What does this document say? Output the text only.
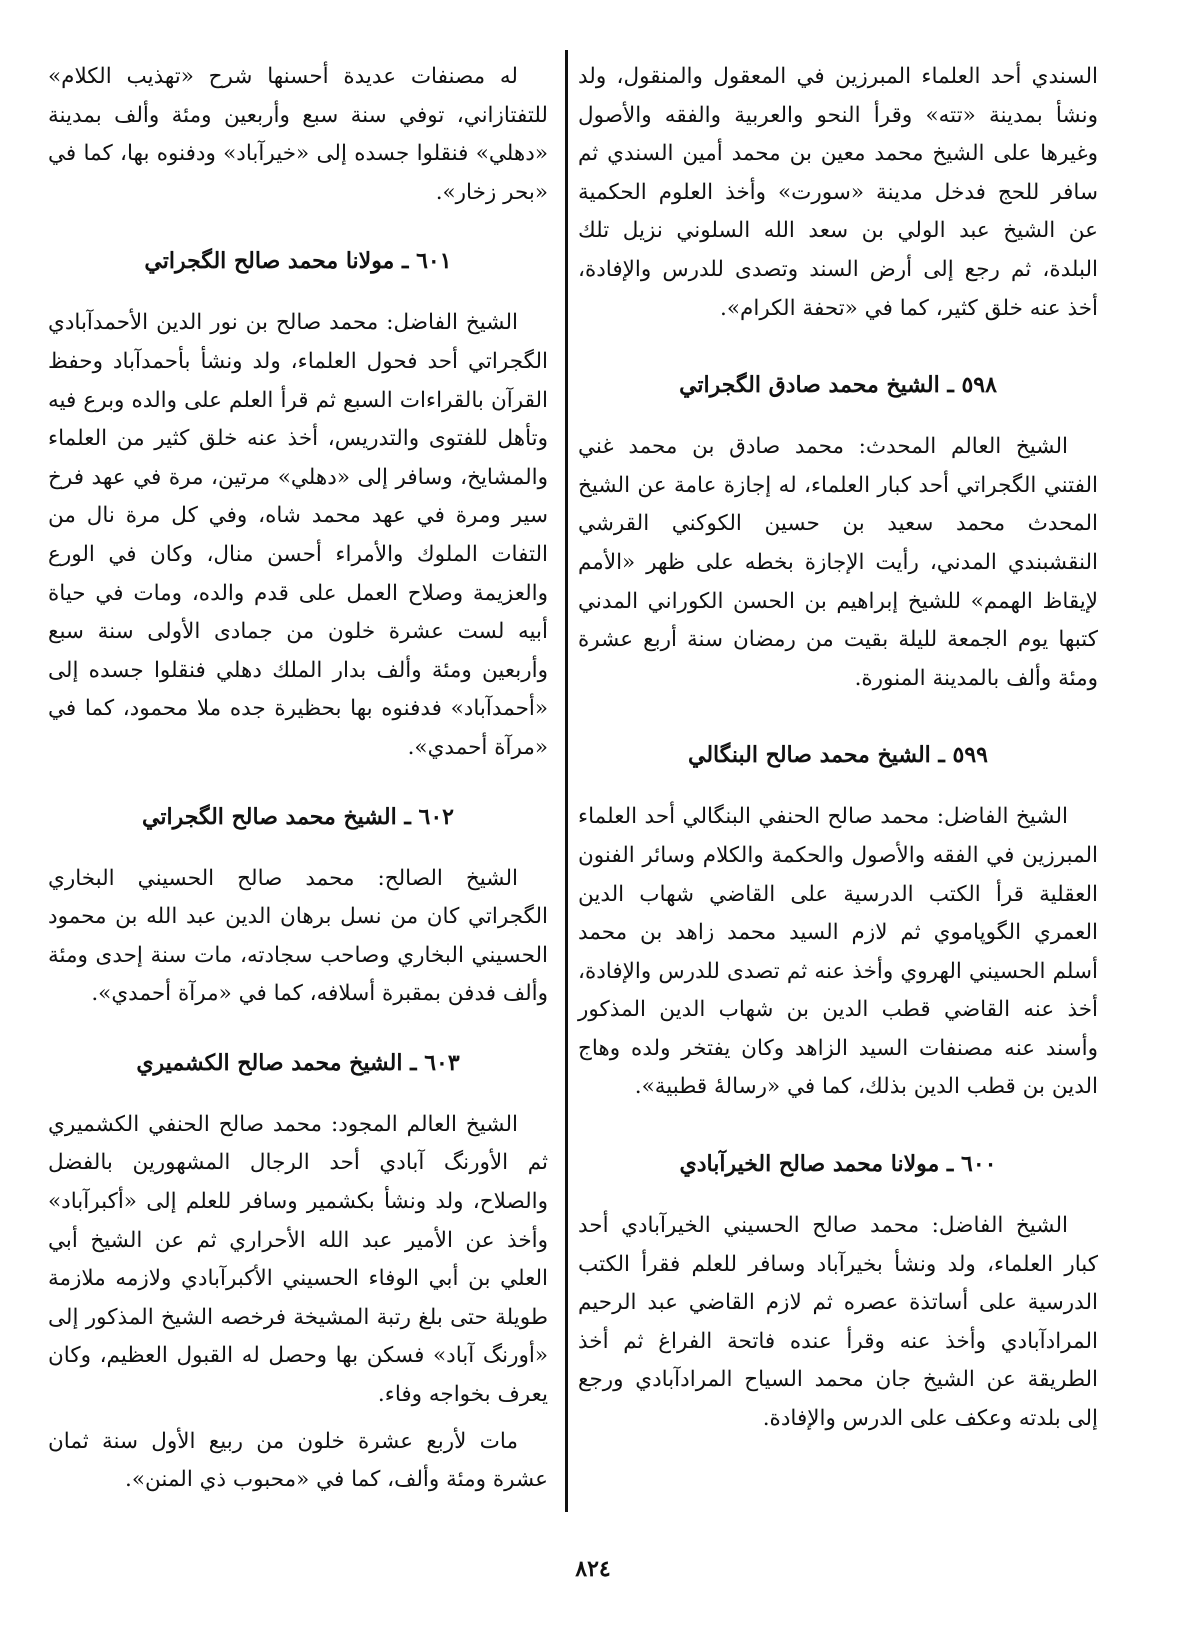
السندي أحد العلماء المبرزين في المعقول والمنقول، ولد ونشأ بمدينة «تته» وقرأ النحو والعربية والفقه والأصول وغيرها على الشيخ محمد معين بن محمد أمين السندي ثم سافر للحج فدخل مدينة «سورت» وأخذ العلوم الحكمية عن الشيخ عبد الولي بن سعد الله السلوني نزيل تلك البلدة، ثم رجع إلى أرض السند وتصدى للدرس والإفادة، أخذ عنه خلق كثير، كما في «تحفة الكرام».

٥٩٨ ـ الشيخ محمد صادق الگجراتي

الشيخ العالم المحدث: محمد صادق بن محمد غني الفتني الگجراتي أحد كبار العلماء، له إجازة عامة عن الشيخ المحدث محمد سعيد بن حسين الكوكني القرشي النقشبندي المدني، رأيت الإجازة بخطه على ظهر «الأمم لإيقاظ الهمم» للشيخ إبراهيم بن الحسن الكوراني المدني كتبها يوم الجمعة لليلة بقيت من رمضان سنة أربع عشرة ومئة وألف بالمدينة المنورة.

٥٩٩ ـ الشيخ محمد صالح البنگالي

الشيخ الفاضل: محمد صالح الحنفي البنگالي أحد العلماء المبرزين في الفقه والأصول والحكمة والكلام وسائر الفنون العقلية قرأ الكتب الدرسية على القاضي شهاب الدين العمري الگوپاموي ثم لازم السيد محمد زاهد بن محمد أسلم الحسيني الهروي وأخذ عنه ثم تصدى للدرس والإفادة، أخذ عنه القاضي قطب الدين بن شهاب الدين المذكور وأسند عنه مصنفات السيد الزاهد وكان يفتخر ولده وهاج الدين بن قطب الدين بذلك، كما في «رسالهٔ قطبية».

٦٠٠ ـ مولانا محمد صالح الخيرآبادي

الشيخ الفاضل: محمد صالح الحسيني الخيرآبادي أحد كبار العلماء، ولد ونشأ بخيرآباد وسافر للعلم فقرأ الكتب الدرسية على أساتذة عصره ثم لازم القاضي عبد الرحيم المرادآبادي وأخذ عنه وقرأ عنده فاتحة الفراغ ثم أخذ الطريقة عن الشيخ جان محمد السياح المرادآبادي ورجع إلى بلدته وعكف على الدرس والإفادة.

له مصنفات عديدة أحسنها شرح «تهذيب الكلام» للتفتازاني، توفي سنة سبع وأربعين ومئة وألف بمدينة «دهلي» فنقلوا جسده إلى «خيرآباد» ودفنوه بها، كما في «بحر زخار».

٦٠١ ـ مولانا محمد صالح الگجراتي

الشيخ الفاضل: محمد صالح بن نور الدين الأحمدآبادي الگجراتي أحد فحول العلماء، ولد ونشأ بأحمدآباد وحفظ القرآن بالقراءات السبع ثم قرأ العلم على والده وبرع فيه وتأهل للفتوى والتدريس، أخذ عنه خلق كثير من العلماء والمشايخ، وسافر إلى «دهلي» مرتين، مرة في عهد فرخ سير ومرة في عهد محمد شاه، وفي كل مرة نال من التفات الملوك والأمراء أحسن منال، وكان في الورع والعزيمة وصلاح العمل على قدم والده، ومات في حياة أبيه لست عشرة خلون من جمادى الأولى سنة سبع وأربعين ومئة وألف بدار الملك دهلي فنقلوا جسده إلى «أحمدآباد» فدفنوه بها بحظيرة جده ملا محمود، كما في «مرآة أحمدي».

٦٠٢ ـ الشيخ محمد صالح الگجراتي

الشيخ الصالح: محمد صالح الحسيني البخاري الگجراتي كان من نسل برهان الدين عبد الله بن محمود الحسيني البخاري وصاحب سجادته، مات سنة إحدى ومئة وألف فدفن بمقبرة أسلافه، كما في «مرآة أحمدي».

٦٠٣ ـ الشيخ محمد صالح الكشميري

الشيخ العالم المجود: محمد صالح الحنفي الكشميري ثم الأورنگ آبادي أحد الرجال المشهورين بالفضل والصلاح، ولد ونشأ بكشمير وسافر للعلم إلى «أكبرآباد» وأخذ عن الأمير عبد الله الأحراري ثم عن الشيخ أبي العلي بن أبي الوفاء الحسيني الأكبرآبادي ولازمه ملازمة طويلة حتى بلغ رتبة المشيخة فرخصه الشيخ المذكور إلى «أورنگ آباد» فسكن بها وحصل له القبول العظيم، وكان يعرف بخواجه وفاء.

مات لأربع عشرة خلون من ربيع الأول سنة ثمان عشرة ومئة وألف، كما في «محبوب ذي المنن».

٨٢٤
